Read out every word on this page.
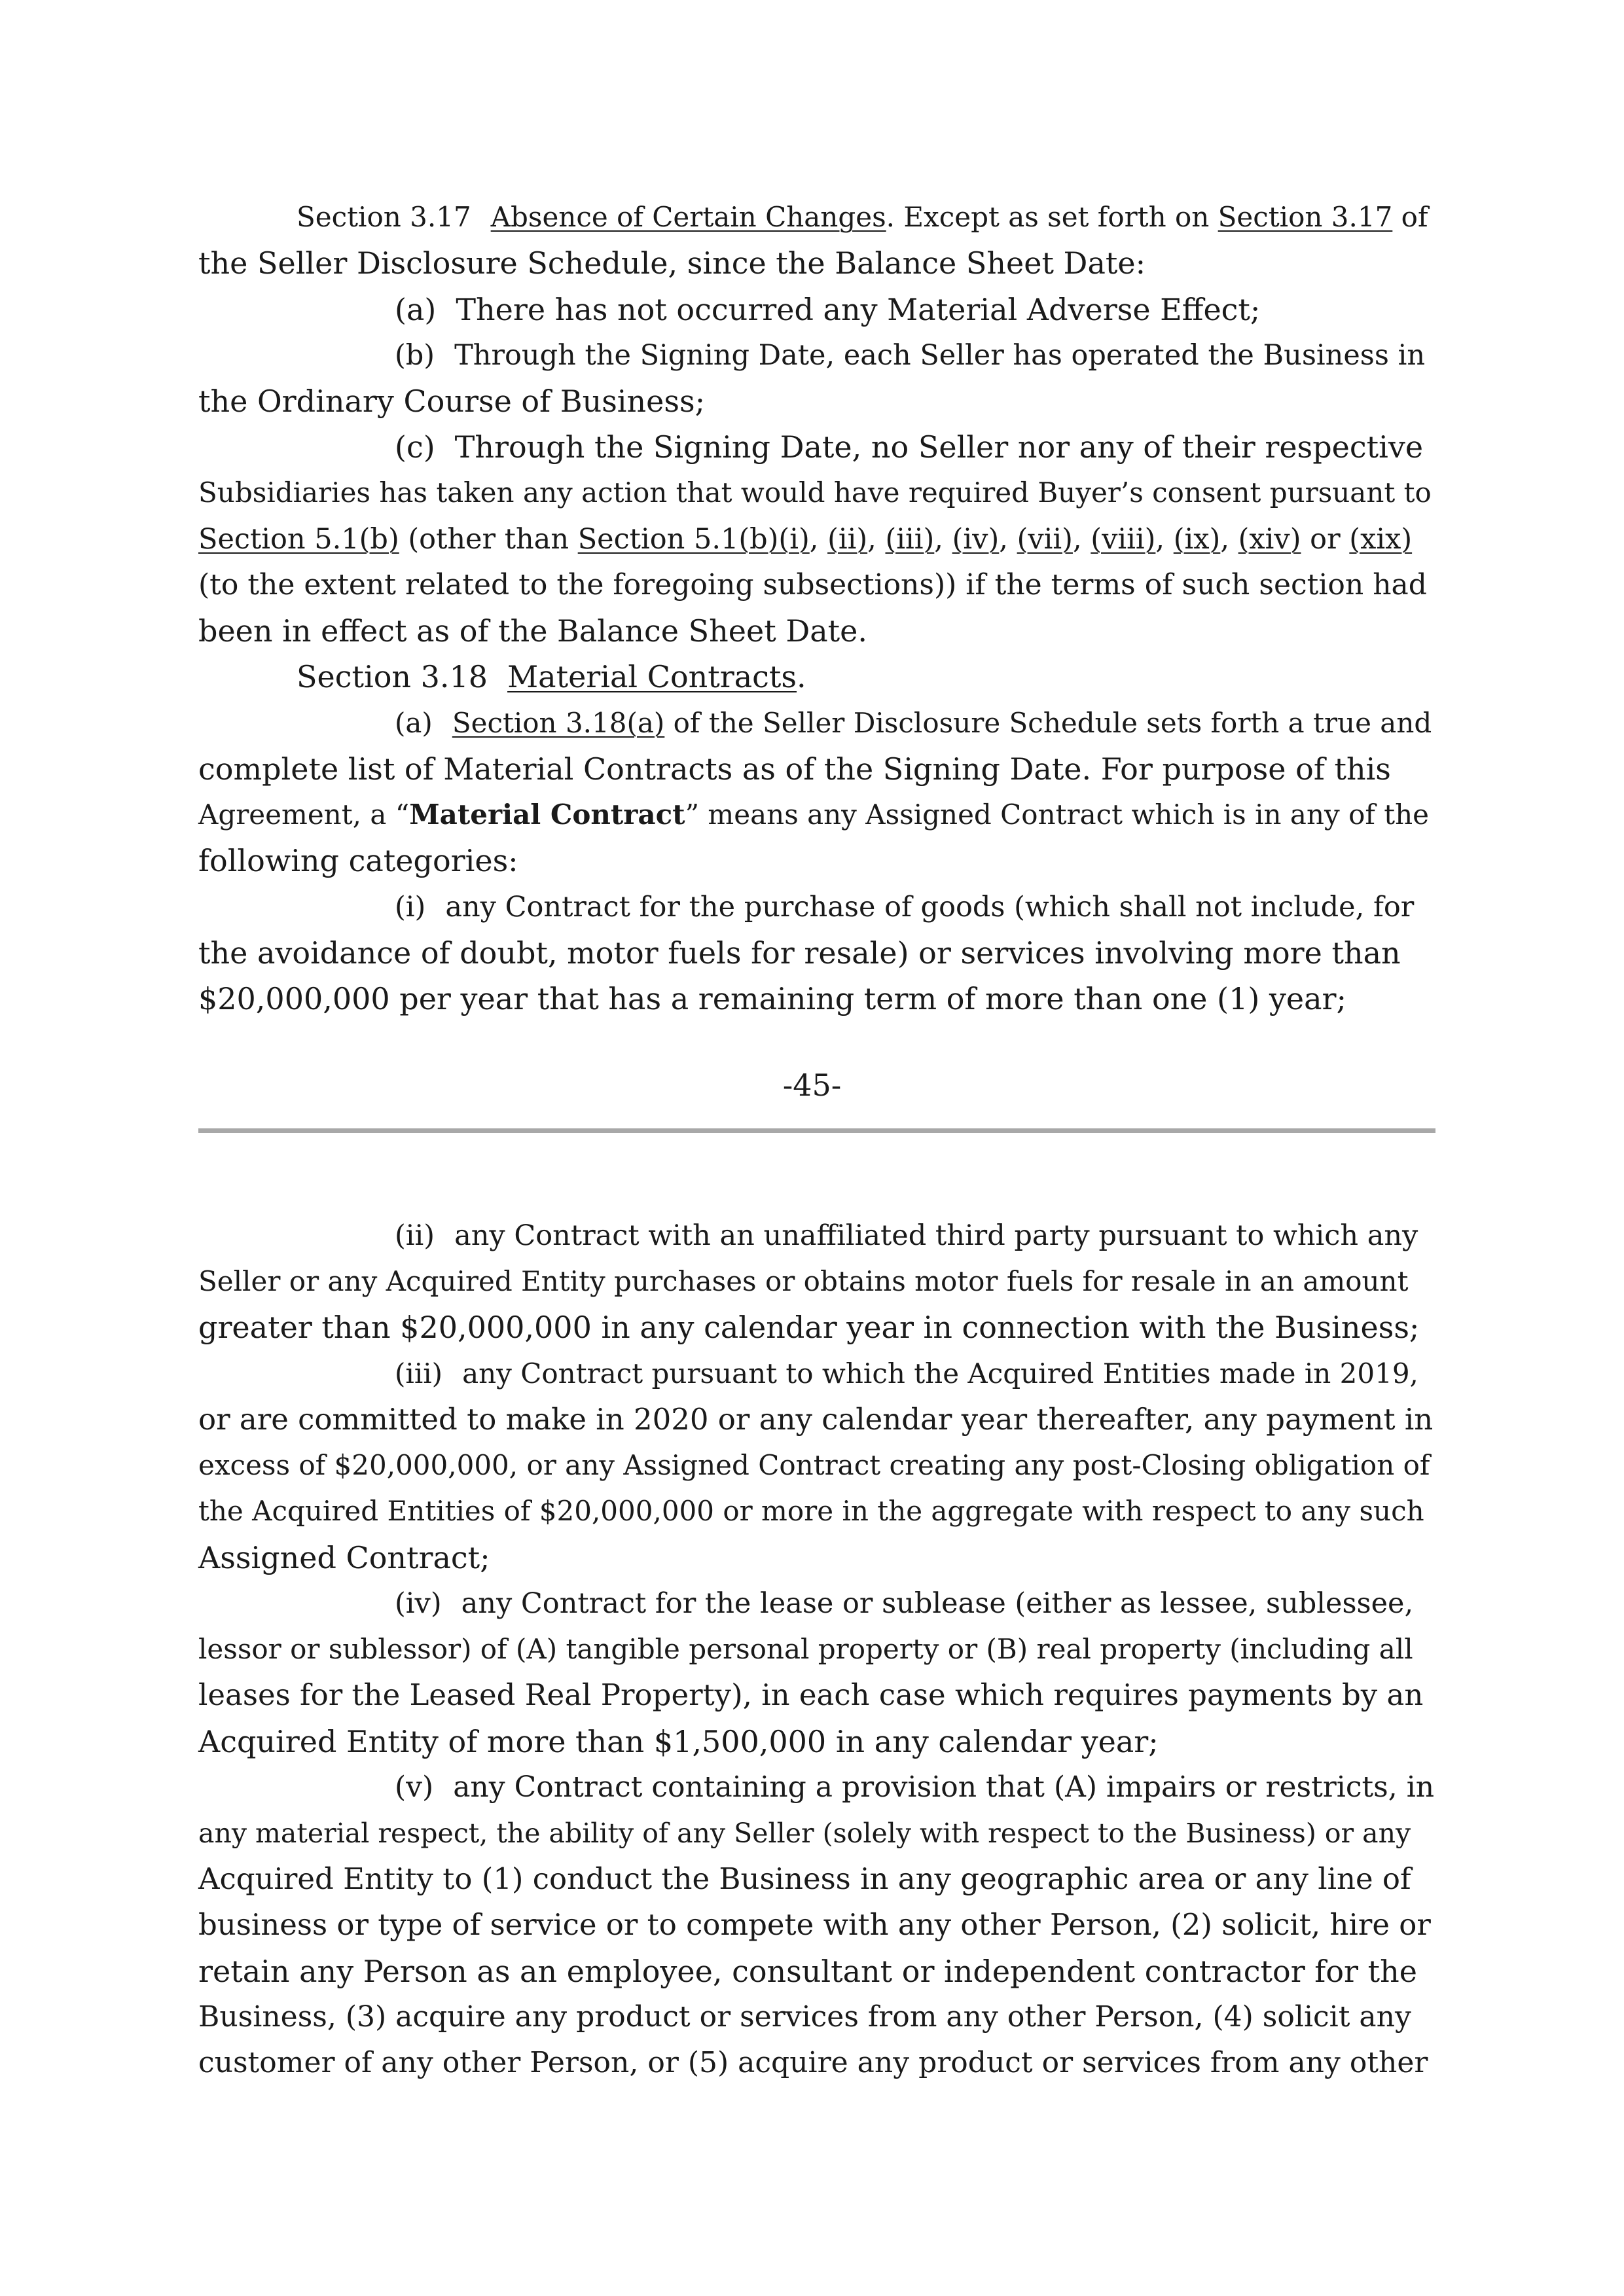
Section 3.17 Absence of Certain Changes. Except as set forth on Section 3.17 of
the Seller Disclosure Schedule, since the Balance Sheet Date:
(a) There has not occurred any Material Adverse Effect;
(b) Through the Signing Date, each Seller has operated the Business in
the Ordinary Course of Business;
(c) Through the Signing Date, no Seller nor any of their respective
Subsidiaries has taken any action that would have required Buyer’s consent pursuant to
Section 5.1(b) (other than Section 5.1(b)(i), (ii), (iii), (iv), (vii), (viii), (ix), (xiv) or (xix)
(to the extent related to the foregoing subsections)) if the terms of such section had
been in effect as of the Balance Sheet Date.
Section 3.18 Material Contracts.
(a) Section 3.18(a) of the Seller Disclosure Schedule sets forth a true and
complete list of Material Contracts as of the Signing Date. For purpose of this
Agreement, a “Material Contract” means any Assigned Contract which is in any of the
following categories:
(i) any Contract for the purchase of goods (which shall not include, for
the avoidance of doubt, motor fuels for resale) or services involving more than
$20,000,000 per year that has a remaining term of more than one (1) year;
-45-
(ii) any Contract with an unaffiliated third party pursuant to which any
Seller or any Acquired Entity purchases or obtains motor fuels for resale in an amount
greater than $20,000,000 in any calendar year in connection with the Business;
(iii) any Contract pursuant to which the Acquired Entities made in 2019,
or are committed to make in 2020 or any calendar year thereafter, any payment in
excess of $20,000,000, or any Assigned Contract creating any post-Closing obligation of
the Acquired Entities of $20,000,000 or more in the aggregate with respect to any such
Assigned Contract;
(iv) any Contract for the lease or sublease (either as lessee, sublessee,
lessor or sublessor) of (A) tangible personal property or (B) real property (including all
leases for the Leased Real Property), in each case which requires payments by an
Acquired Entity of more than $1,500,000 in any calendar year;
(v) any Contract containing a provision that (A) impairs or restricts, in
any material respect, the ability of any Seller (solely with respect to the Business) or any
Acquired Entity to (1) conduct the Business in any geographic area or any line of
business or type of service or to compete with any other Person, (2) solicit, hire or
retain any Person as an employee, consultant or independent contractor for the
Business, (3) acquire any product or services from any other Person, (4) solicit any
customer of any other Person, or (5) acquire any product or services from any other
